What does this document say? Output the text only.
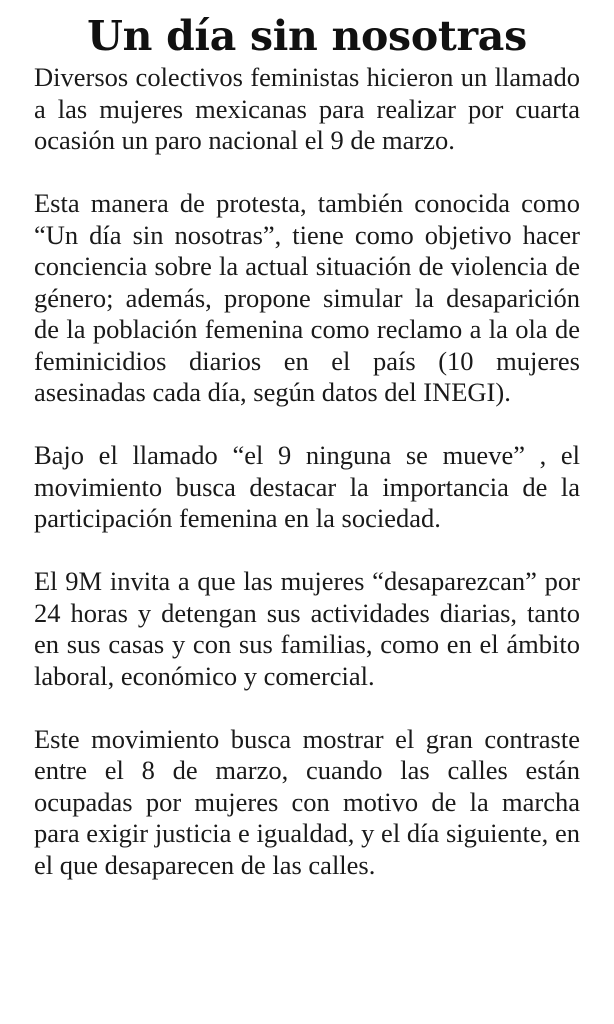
Un día sin nosotras

Diversos colectivos feministas hicieron un llamado a las mujeres mexicanas para realizar por cuarta ocasión un paro nacional el 9 de marzo.

Esta manera de protesta, también conocida como “Un día sin nosotras”, tiene como objetivo hacer conciencia sobre la actual situación de violencia de género; además, propone simular la desaparición de la población femenina como reclamo a la ola de feminicidios diarios en el país (10 mujeres asesinadas cada día, según datos del INEGI).

Bajo el llamado “el 9 ninguna se mueve” , el movimiento busca destacar la importancia de la participación femenina en la sociedad.

El 9M invita a que las mujeres “desaparezcan” por 24 horas y detengan sus actividades diarias, tanto en sus casas y con sus familias, como en el ámbito laboral, económico y comercial.

Este movimiento busca mostrar el gran contraste entre el 8 de marzo, cuando las calles están ocupadas por mujeres con motivo de la marcha para exigir justicia e igualdad, y el día siguiente, en el que desaparecen de las calles.
